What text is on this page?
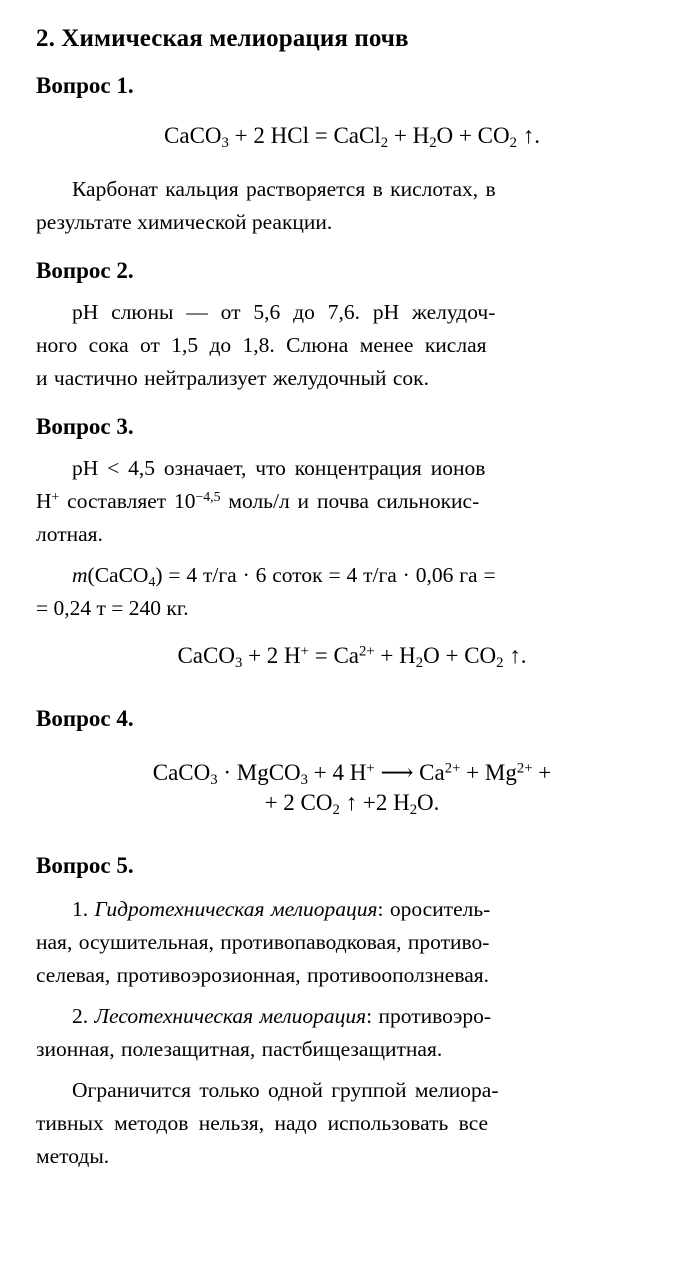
2. Химическая мелиорация почв
Вопрос 1.

CaCO$_3$ + 2 HCl = CaCl$_2$ + $H_2O + CO_2$ ↑.

Карбонат кальция растворяется в кислотах, в

результате химической реакции.

Вопрос 2.

pH слюны — от 5,6 до 7,6. pH желудоч-

ного сока от 1,5 до 1,8. Слюна менее кислая

и частично нейтрализует желудочный сок.

Вопрос 3.

pH < 4,5 означает, что концентрация ионов

H+ составляет $10^{-4,5}$ моль/л и почва сильнокис-

лотная.

m(CaCO$_4$) = 4 т/га · 6 соток = 4 т/га · 0,06 га =

= 0,24 т = 240 кг.

CaCO$_3$ + 2 $H^+ = Ca^{2+} + H_2O + CO_2$ ↑.

Вопрос 4.

CaCO$_3$ · MgCO$_3$ + 4 H+ ⟶ $Ca^{2+} + Mg^{2+}$ +

+ 2 $CO_2$ ↑ +2 $H_2O$.

Вопрос 5.

1. Гидротехническая мелиорация: ороситель-

ная, осушительная, противопаводковая, противо-

селевая, противоэрозионная, противооползневая.

2. Лесотехническая мелиорация: противоэро-

зионная, полезащитная, пастбищезащитная.

Ограничится только одной группой мелиора-

тивных методов нельзя, надо использовать все

методы.
